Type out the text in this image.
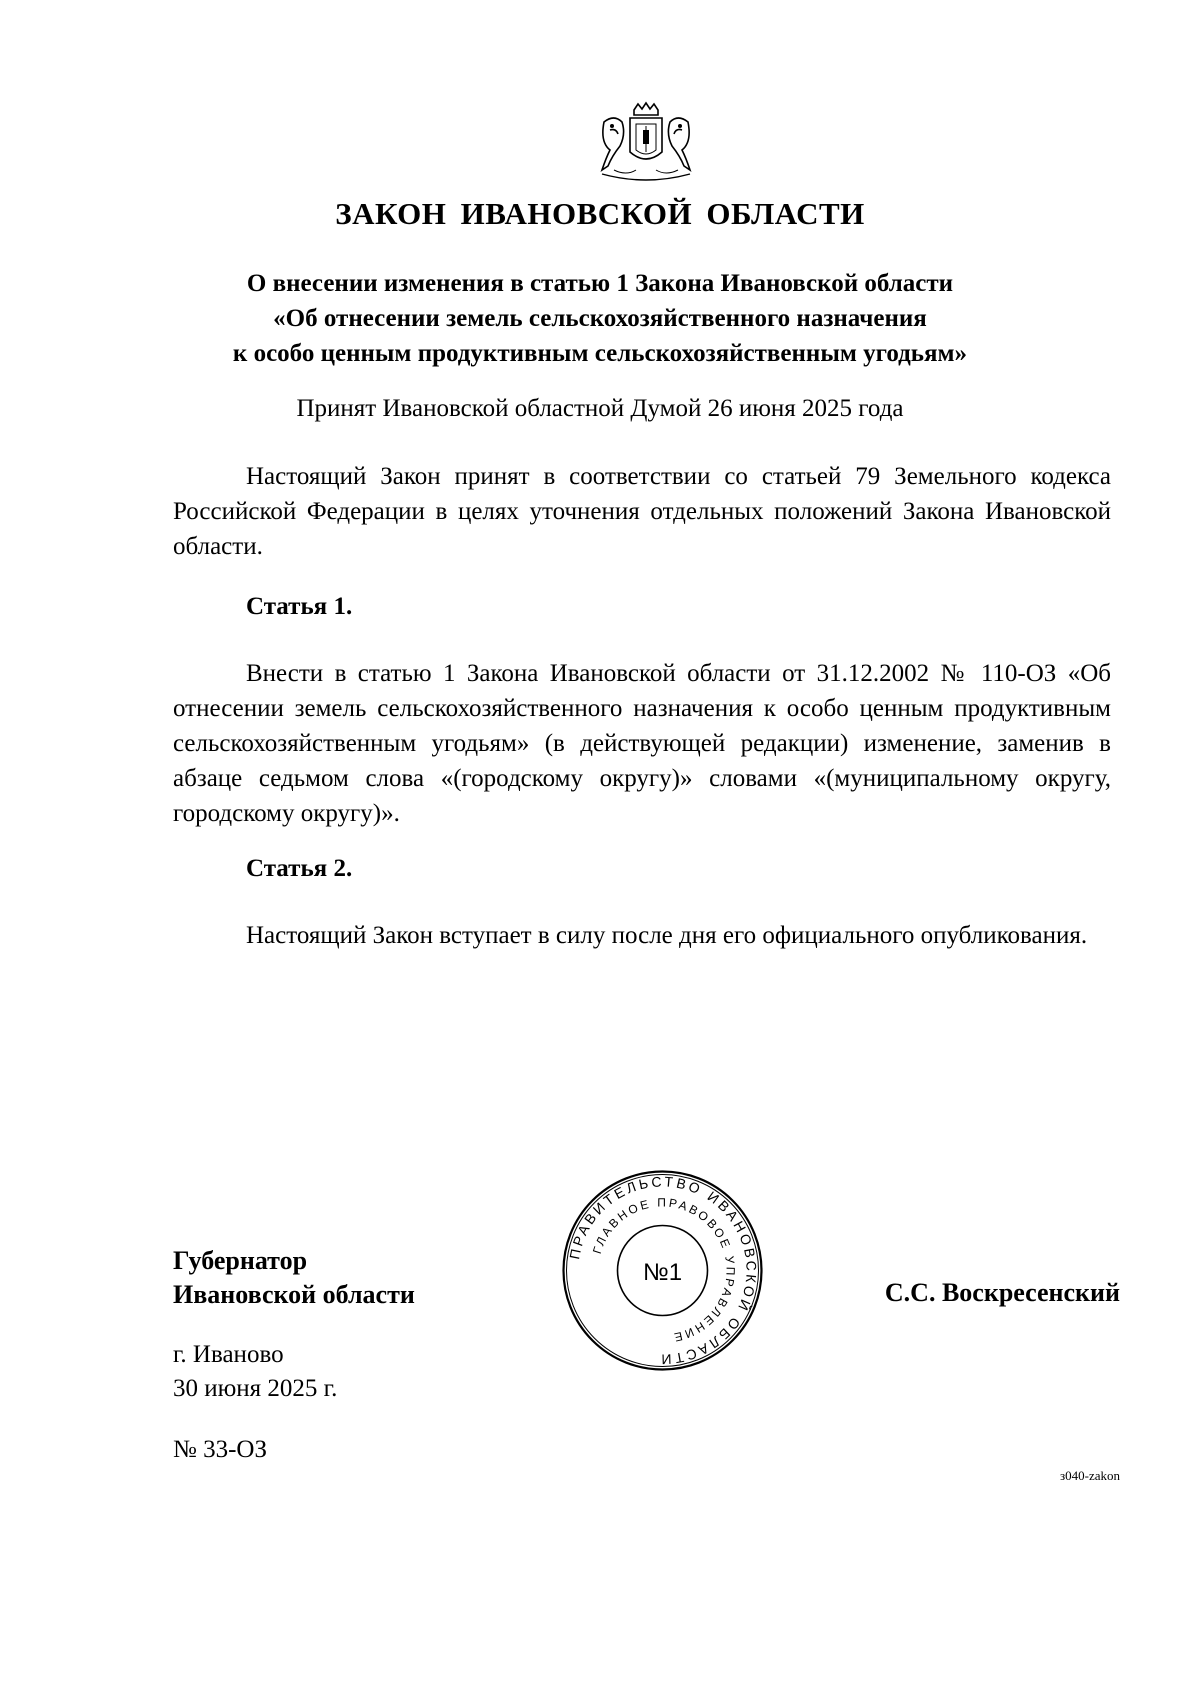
ЗАКОН ИВАНОВСКОЙ ОБЛАСТИ
О внесении изменения в статью 1 Закона Ивановской области
«Об отнесении земель сельскохозяйственного назначения
к особо ценным продуктивным сельскохозяйственным угодьям»
Принят Ивановской областной Думой 26 июня 2025 года

Настоящий Закон принят в соответствии со статьей 79 Земельного кодекса Российской Федерации в целях уточнения отдельных положений Закона Ивановской области.

Статья 1.

Внести в статью 1 Закона Ивановской области от 31.12.2002 № 110-ОЗ «Об отнесении земель сельскохозяйственного назначения к особо ценным продуктивным сельскохозяйственным угодьям» (в действующей редакции) изменение, заменив в абзаце седьмом слова «(городскому округу)» словами «(муниципальному округу, городскому округу)».

Статья 2.

Настоящий Закон вступает в силу после дня его официального опубликования.

Губернатор
Ивановской области
ПРАВИТЕЛЬСТВО ИВАНОВСКОЙ ОБЛАСТИ
ГЛАВНОЕ ПРАВОВОЕ УПРАВЛЕНИЕ
№1
С.С. Воскресенский
г. Иваново
30 июня 2025 г.
№ 33-ОЗ
з040-zakon
